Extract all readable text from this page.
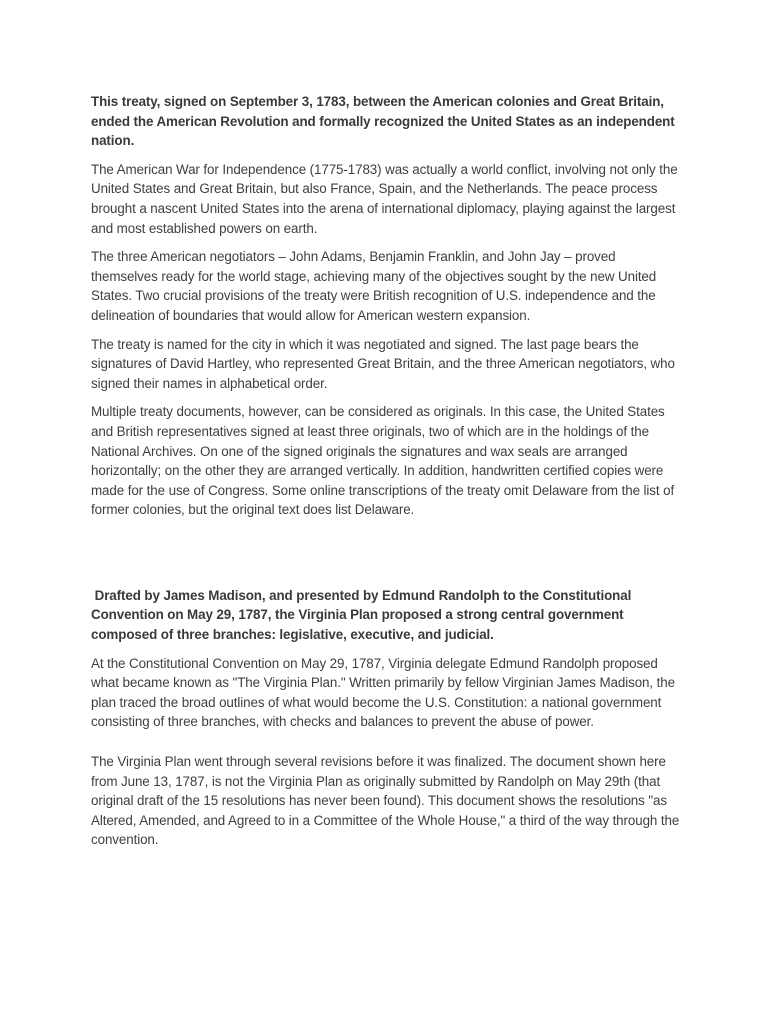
This treaty, signed on September 3, 1783, between the American colonies and Great Britain, ended the American Revolution and formally recognized the United States as an independent nation.

The American War for Independence (1775-1783) was actually a world conflict, involving not only the United States and Great Britain, but also France, Spain, and the Netherlands. The peace process brought a nascent United States into the arena of international diplomacy, playing against the largest and most established powers on earth.

The three American negotiators – John Adams, Benjamin Franklin, and John Jay – proved themselves ready for the world stage, achieving many of the objectives sought by the new United States. Two crucial provisions of the treaty were British recognition of U.S. independence and the delineation of boundaries that would allow for American western expansion.

The treaty is named for the city in which it was negotiated and signed. The last page bears the signatures of David Hartley, who represented Great Britain, and the three American negotiators, who signed their names in alphabetical order.

Multiple treaty documents, however, can be considered as originals. In this case, the United States and British representatives signed at least three originals, two of which are in the holdings of the National Archives. On one of the signed originals the signatures and wax seals are arranged horizontally; on the other they are arranged vertically. In addition, handwritten certified copies were made for the use of Congress. Some online transcriptions of the treaty omit Delaware from the list of former colonies, but the original text does list Delaware.

Drafted by James Madison, and presented by Edmund Randolph to the Constitutional Convention on May 29, 1787, the Virginia Plan proposed a strong central government composed of three branches: legislative, executive, and judicial.

At the Constitutional Convention on May 29, 1787, Virginia delegate Edmund Randolph proposed what became known as "The Virginia Plan." Written primarily by fellow Virginian James Madison, the plan traced the broad outlines of what would become the U.S. Constitution: a national government consisting of three branches, with checks and balances to prevent the abuse of power.

The Virginia Plan went through several revisions before it was finalized. The document shown here from June 13, 1787, is not the Virginia Plan as originally submitted by Randolph on May 29th (that original draft of the 15 resolutions has never been found). This document shows the resolutions "as Altered, Amended, and Agreed to in a Committee of the Whole House," a third of the way through the convention.
